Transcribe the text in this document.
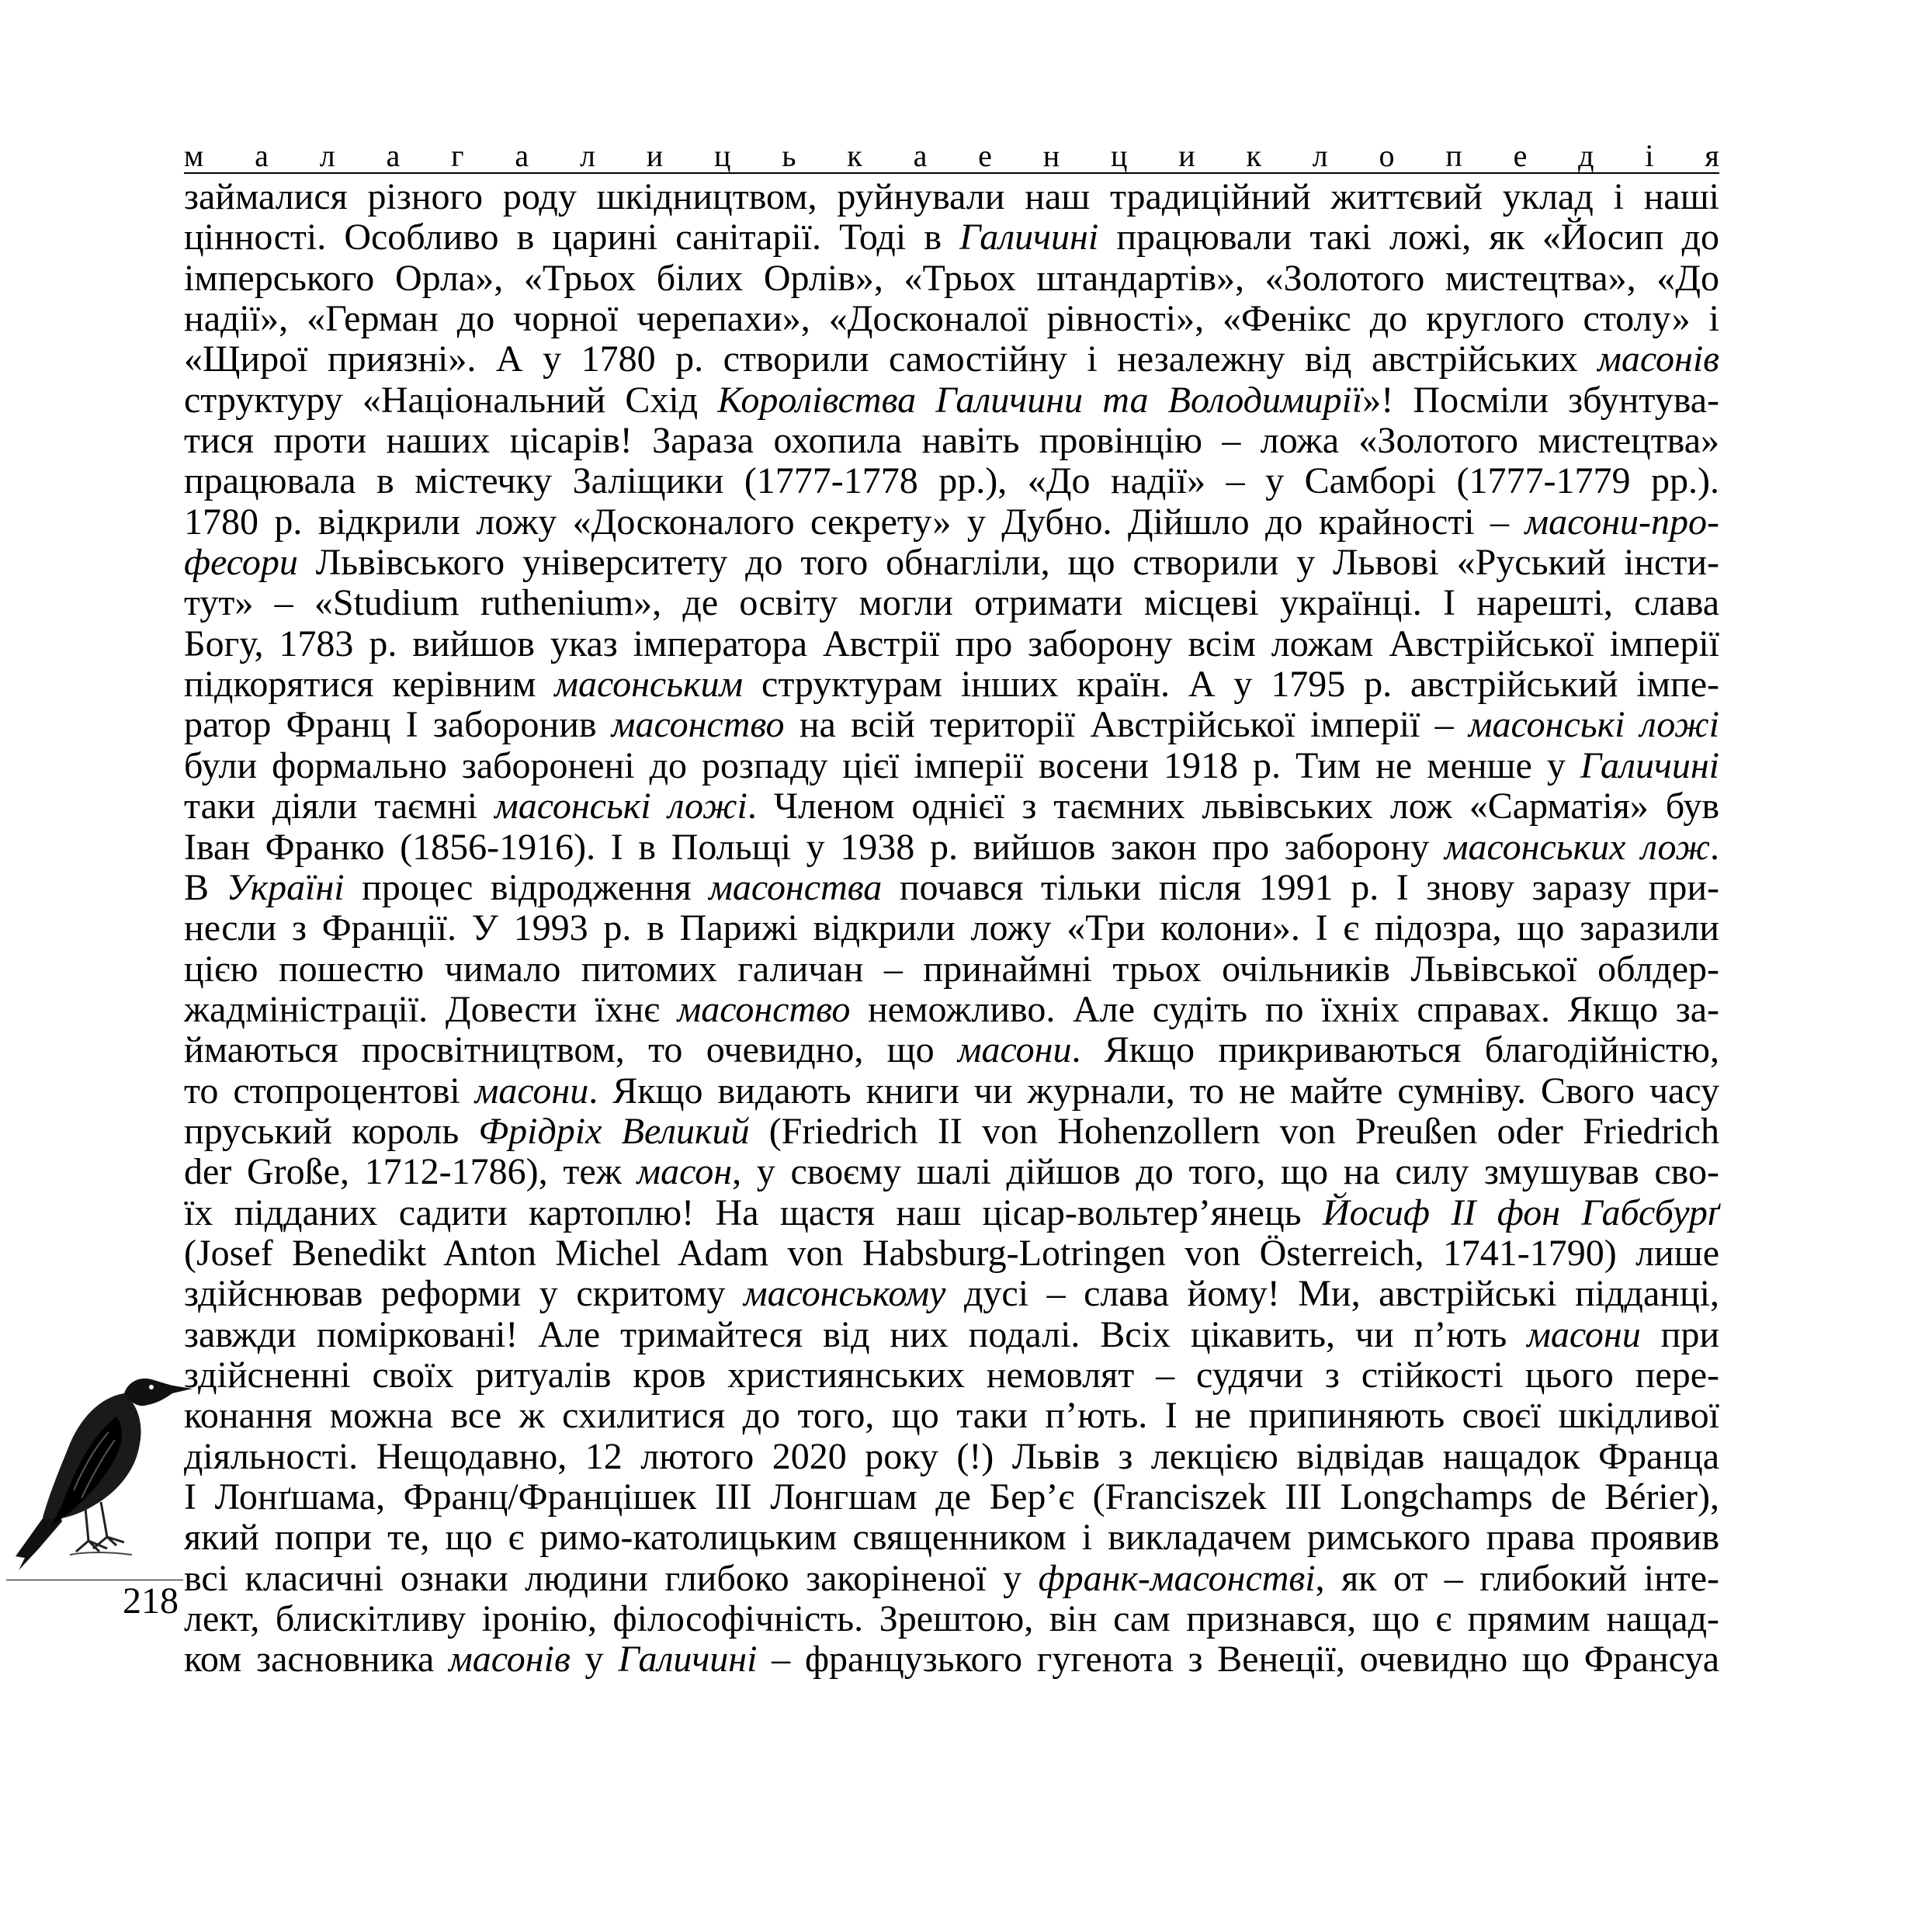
м а л а г а л и ц ь к а е н ц и к л о п е д і я
займалися різного роду шкідництвом, руйнували наш традиційний життєвий уклад і наші
цінності. Особливо в царині санітарії. Тоді в Галичині працювали такі ложі, як «Йосип до
імперського Орла», «Трьох білих Орлів», «Трьох штандартів», «Золотого мистецтва», «До
надії», «Герман до чорної черепахи», «Досконалої рівності», «Фенікс до круглого столу» і
«Щирої приязні». А у 1780 р. створили самостійну і незалежну від австрійських масонів
структуру «Національний Схід Королівства Галичини та Володимирії»! Посміли збунтува-
тися проти наших цісарів! Зараза охопила навіть провінцію – ложа «Золотого мистецтва»
працювала в містечку Заліщики (1777-1778 рр.), «До надії» – у Самборі (1777-1779 рр.).
1780 р. відкрили ложу «Досконалого секрету» у Дубно. Дійшло до крайності – масони-про-
фесори Львівського університету до того обнагліли, що створили у Львові «Руський інсти-
тут» – «Studium ruthenium», де освіту могли отримати місцеві українці. І нарешті, слава
Богу, 1783 р. вийшов указ імператора Австрії про заборону всім ложам Австрійської імперії
підкорятися керівним масонським структурам інших країн. А у 1795 р. австрійський імпе-
ратор Франц І заборонив масонство на всій території Австрійської імперії – масонські ложі
були формально заборонені до розпаду цієї імперії восени 1918 р. Тим не менше у Галичині
таки діяли таємні масонські ложі. Членом однієї з таємних львівських лож «Сарматія» був
Іван Франко (1856-1916). І в Польщі у 1938 р. вийшов закон про заборону масонських лож.
В Україні процес відродження масонства почався тільки після 1991 р. І знову заразу при-
несли з Франції. У 1993 р. в Парижі відкрили ложу «Три колони». І є підозра, що заразили
цією пошестю чимало питомих галичан – принаймні трьох очільників Львівської облдер-
жадміністрації. Довести їхнє масонство неможливо. Але судіть по їхніх справах. Якщо за-
ймаються просвітництвом, то очевидно, що масони. Якщо прикриваються благодійністю,
то стопроцентові масони. Якщо видають книги чи журнали, то не майте сумніву. Свого часу
пруський король Фрідріх Великий (Friedrich II von Hohenzollern von Preußen oder Friedrich
der Große, 1712-1786), теж масон, у своєму шалі дійшов до того, що на силу змушував сво-
їх підданих садити картоплю! На щастя наш цісар-вольтер’янець Йосиф II фон Габсбурґ
(Josef Benedikt Anton Michel Adam von Habsburg-Lotringen von Österreich, 1741-1790) лише
здійснював реформи у скритому масонському дусі – слава йому! Ми, австрійські підданці,
завжди помірковані! Але тримайтеся від них подалі. Всіх цікавить, чи п’ють масони при
здійсненні своїх ритуалів кров християнських немовлят – судячи з стійкості цього пере-
конання можна все ж схилитися до того, що таки п’ють. І не припиняють своєї шкідливої
діяльності. Нещодавно, 12 лютого 2020 року (!) Львів з лекцією відвідав нащадок Франца
І Лонґшама, Франц/Францішек III Лонгшам де Бер’є (Franciszek III Longchamps de Bérier),
який попри те, що є римо-католицьким священником і викладачем римського права проявив
всі класичні ознаки людини глибоко закоріненої у франк-масонстві, як от – глибокий інте-
лект, блискітливу іронію, філософічність. Зрештою, він сам признався, що є прямим нащад-
ком засновника масонів у Галичині – французького гугенота з Венеції, очевидно що Франсуа
218
